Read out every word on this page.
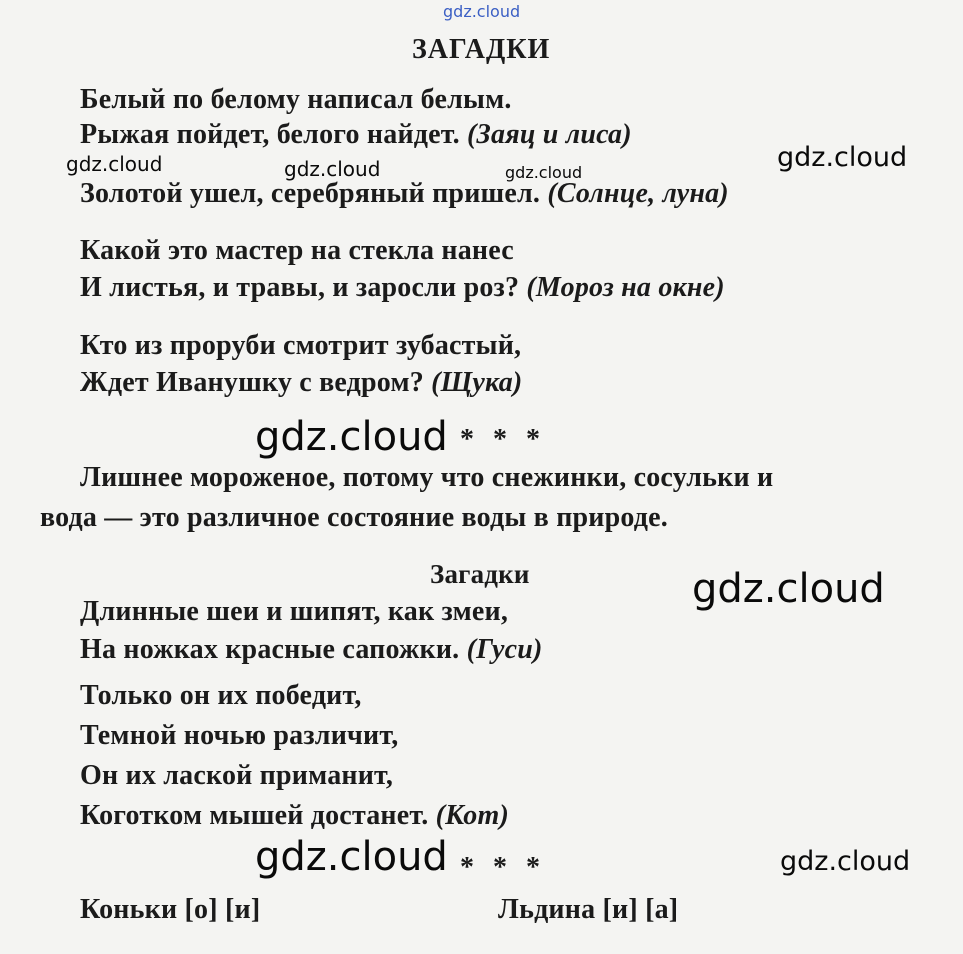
gdz.cloud
ЗАГАДКИ
Белый по белому написал белым.
Рыжая пойдет, белого найдет. (Заяц и лиса)
gdz.cloud	gdz.cloud	gdz.cloud	gdz.cloud
Золотой ушел, серебряный пришел. (Солнце, луна)
Какой это мастер на стекла нанес
И листья, и травы, и заросли роз? (Мороз на окне)
Кто из проруби смотрит зубастый,
Ждет Иванушку с ведром? (Щука)
gdz.cloud * * *
Лишнее мороженое, потому что снежинки, сосульки и
вода — это различное состояние воды в природе.
Загадки	gdz.cloud
Длинные шеи и шипят, как змеи,
На ножках красные сапожки. (Гуси)
Только он их победит,
Темной ночью различит,
Он их лаской приманит,
Коготком мышей достанет. (Кот)
gdz.cloud * * *	gdz.cloud
Коньки [о] [и]	Льдина [и] [а]
